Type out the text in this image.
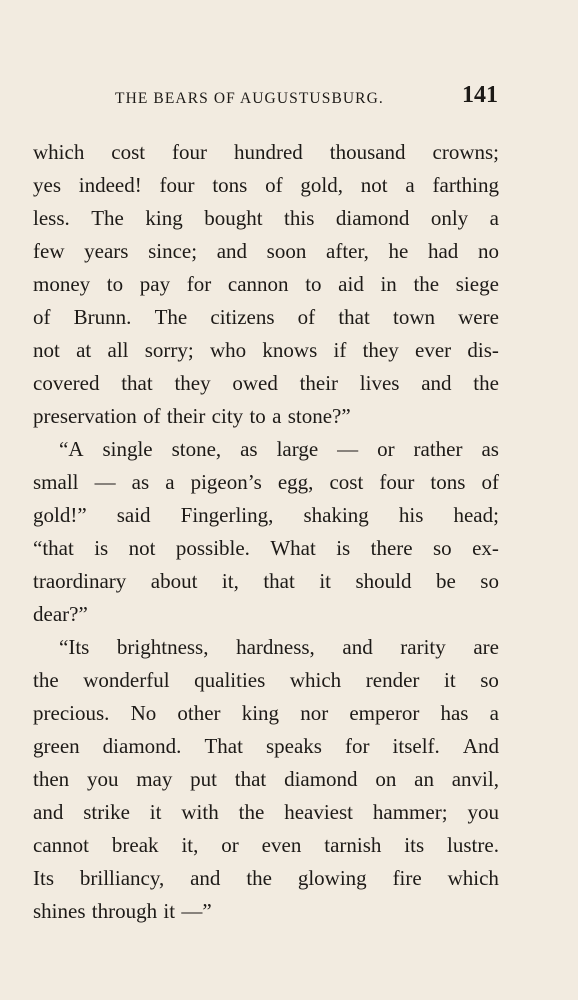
THE BEARS OF AUGUSTUSBURG.	141
which cost four hundred thousand crowns;
yes indeed! four tons of gold, not a farthing
less. The king bought this diamond only a
few years since; and soon after, he had no
money to pay for cannon to aid in the siege
of Brunn. The citizens of that town were
not at all sorry; who knows if they ever dis-
covered that they owed their lives and the
preservation of their city to a stone?”
“A single stone, as large — or rather as
small — as a pigeon’s egg, cost four tons of
gold!” said Fingerling, shaking his head;
“that is not possible. What is there so ex-
traordinary about it, that it should be so
dear?”
“Its brightness, hardness, and rarity are
the wonderful qualities which render it so
precious. No other king nor emperor has a
green diamond. That speaks for itself. And
then you may put that diamond on an anvil,
and strike it with the heaviest hammer; you
cannot break it, or even tarnish its lustre.
Its brilliancy, and the glowing fire which
shines through it —”
